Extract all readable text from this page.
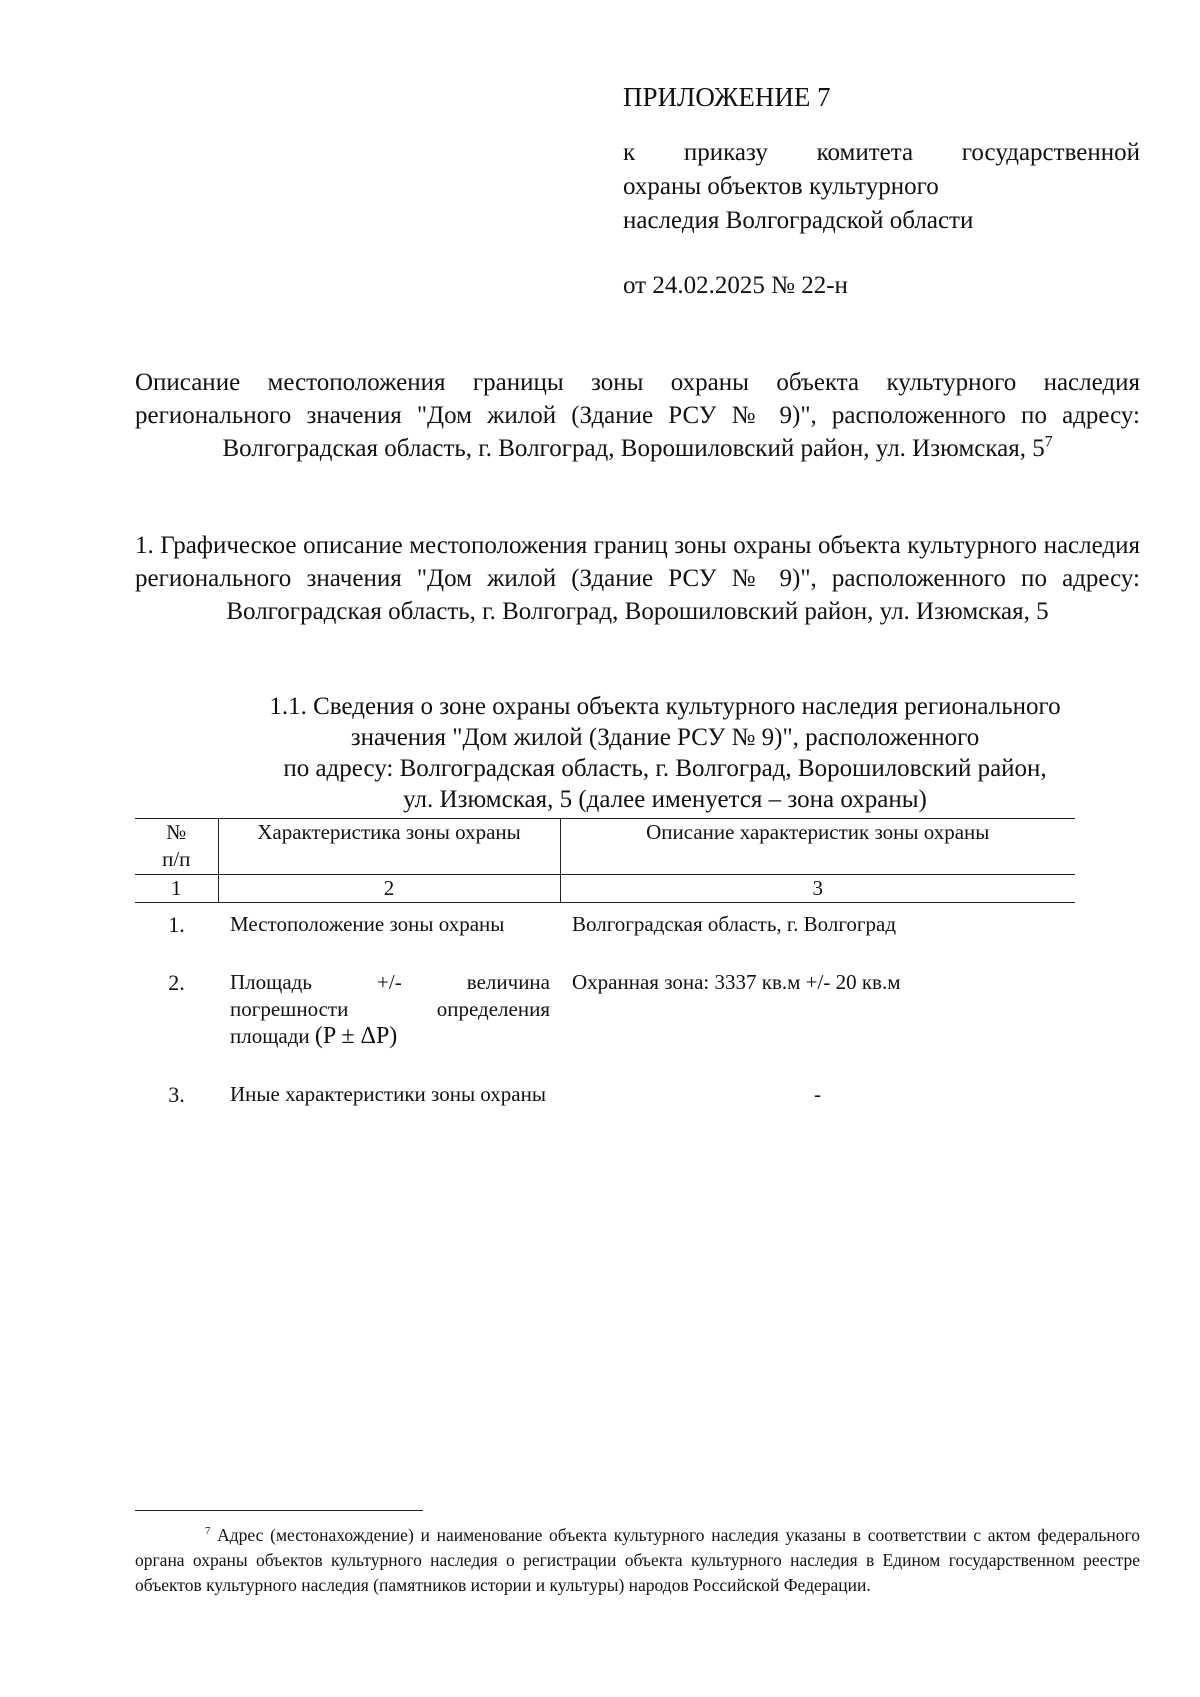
ПРИЛОЖЕНИЕ 7
к приказу комитета государственной
охраны объектов культурного
наследия Волгоградской области
от 24.02.2025 № 22-н
Описание местоположения границы зоны охраны объекта культурного наследия регионального значения "Дом жилой (Здание РСУ № 9)", расположенного по адресу: Волгоградская область, г. Волгоград, Ворошиловский район, ул. Изюмская, $5^7$
1. Графическое описание местоположения границ зоны охраны объекта культурного наследия регионального значения "Дом жилой (Здание РСУ № 9)", расположенного по адресу: Волгоградская область, г. Волгоград, Ворошиловский район, ул. Изюмская, 5
1.1. Сведения о зоне охраны объекта культурного наследия регионального
значения "Дом жилой (Здание РСУ № 9)", расположенного
по адресу: Волгоградская область, г. Волгоград, Ворошиловский район,
ул. Изюмская, 5 (далее именуется – зона охраны)
№
п/п	Характеристика зоны охраны	Описание характеристик зоны охраны
1	2	3
1.	Местоположение зоны охраны	Волгоградская область, г. Волгоград
2.	Площадь +/- величина погрешности определения площади (P ± ΔP)	Охранная зона: 3337 кв.м +/- 20 кв.м
3.	Иные характеристики зоны охраны	-
$^7$ Адрес (местонахождение) и наименование объекта культурного наследия указаны в соответствии с актом федерального органа охраны объектов культурного наследия о регистрации объекта культурного наследия в Едином государственном реестре объектов культурного наследия (памятников истории и культуры) народов Российской Федерации.
